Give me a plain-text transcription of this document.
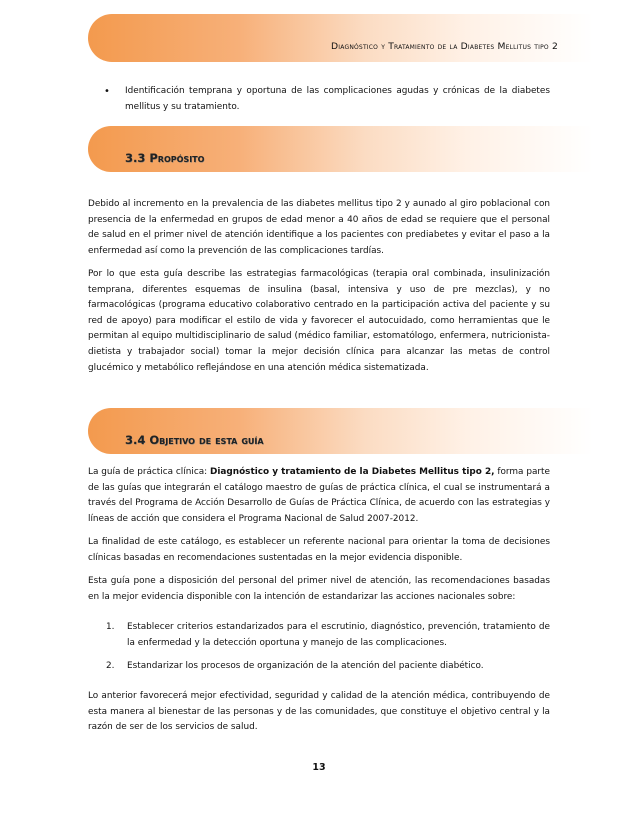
Diagnóstico y Tratamiento de la Diabetes Mellitus tipo 2
• Identificación temprana y oportuna de las complicaciones agudas y crónicas de la diabetes mellitus y su tratamiento.
3.3 Propósito
Debido al incremento en la prevalencia de las diabetes mellitus tipo 2 y aunado al giro poblacional con presencia de la enfermedad en grupos de edad menor a 40 años de edad se requiere que el personal de salud en el primer nivel de atención identifique a los pacientes con prediabetes y evitar el paso a la enfermedad así como la prevención de las complicaciones tardías.
Por lo que esta guía describe las estrategias farmacológicas (terapia oral combinada, insulinización temprana, diferentes esquemas de insulina (basal, intensiva y uso de pre mezclas), y no farmacológicas (programa educativo colaborativo centrado en la participación activa del paciente y su red de apoyo) para modificar el estilo de vida y favorecer el autocuidado, como herramientas que le permitan al equipo multidisciplinario de salud (médico familiar, estomatólogo, enfermera, nutricionista-dietista y trabajador social) tomar la mejor decisión clínica para alcanzar las metas de control glucémico y metabólico reflejándose en una atención médica sistematizada.
3.4 Objetivo de esta guía
La guía de práctica clínica: Diagnóstico y tratamiento de la Diabetes Mellitus tipo 2, forma parte de las guías que integrarán el catálogo maestro de guías de práctica clínica, el cual se instrumentará a través del Programa de Acción Desarrollo de Guías de Práctica Clínica, de acuerdo con las estrategias y líneas de acción que considera el Programa Nacional de Salud 2007-2012.
La finalidad de este catálogo, es establecer un referente nacional para orientar la toma de decisiones clínicas basadas en recomendaciones sustentadas en la mejor evidencia disponible.
Esta guía pone a disposición del personal del primer nivel de atención, las recomendaciones basadas en la mejor evidencia disponible con la intención de estandarizar las acciones nacionales sobre:
1. Establecer criterios estandarizados para el escrutinio, diagnóstico, prevención, tratamiento de la enfermedad y la detección oportuna y manejo de las complicaciones.
2. Estandarizar los procesos de organización de la atención del paciente diabético.
Lo anterior favorecerá mejor efectividad, seguridad y calidad de la atención médica, contribuyendo de esta manera al bienestar de las personas y de las comunidades, que constituye el objetivo central y la razón de ser de los servicios de salud.
13
